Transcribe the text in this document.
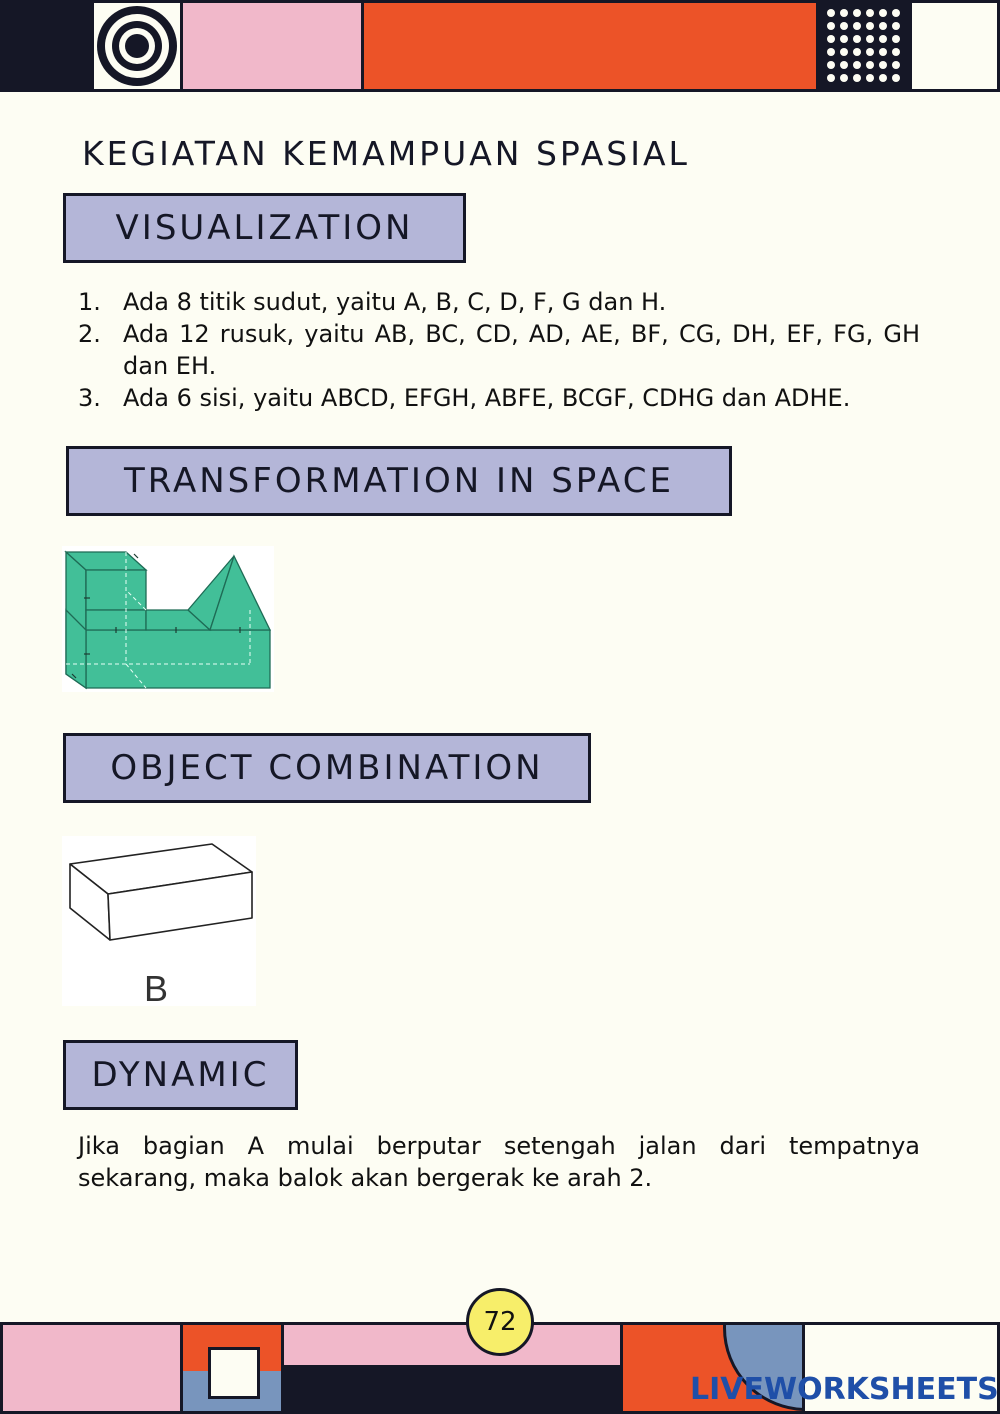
KEGIATAN KEMAMPUAN SPASIAL
VISUALIZATION
1. Ada 8 titik sudut, yaitu A, B, C, D, F, G dan H.
2. Ada 12 rusuk, yaitu AB, BC, CD, AD, AE, BF, CG, DH, EF, FG, GH dan EH.
3. Ada 6 sisi, yaitu ABCD, EFGH, ABFE, BCGF, CDHG dan ADHE.
TRANSFORMATION IN SPACE
OBJECT COMBINATION
B
DYNAMIC
Jika bagian A mulai berputar setengah jalan dari tempatnya sekarang, maka balok akan bergerak ke arah 2.
72
LIVEWORKSHEETS
